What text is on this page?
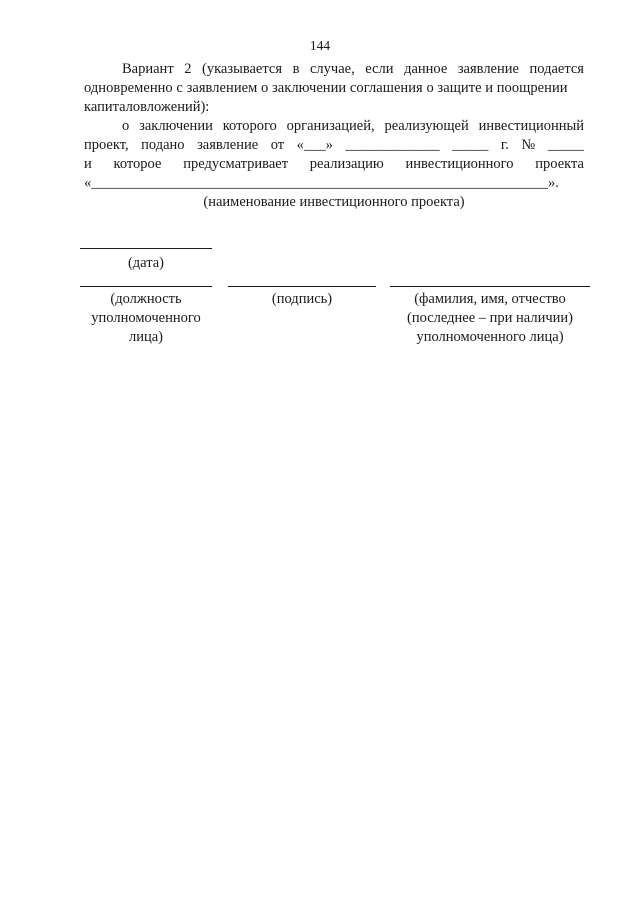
144
Вариант 2 (указывается в случае, если данное заявление подается
одновременно с заявлением о заключении соглашения о защите и поощрении
капиталовложений):
о заключении которого организацией, реализующей инвестиционный
проект, подано заявление от «___» _____________ _____ г. № _____
и которое предусматривает реализацию инвестиционного проекта
«_______________________________________________________________».
(наименование инвестиционного проекта)
(дата)
(должность
уполномоченного
лица)
(подпись)	(фамилия, имя, отчество
(последнее – при наличии)
уполномоченного лица)
